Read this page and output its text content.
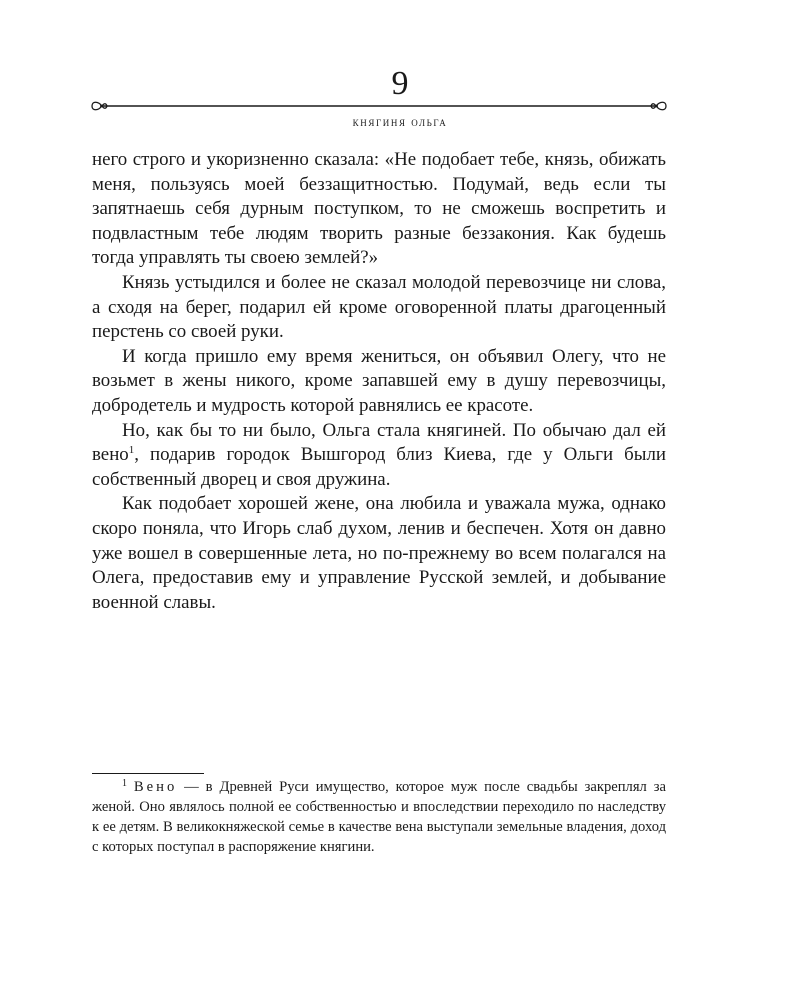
9
княгиня ольга

него строго и укоризненно сказала: «Не подобает тебе, князь, обижать меня, пользуясь моей беззащитностью. Подумай, ведь если ты запятнаешь себя дурным поступком, то не сможешь воспретить и подвластным тебе людям творить разные беззакония. Как будешь тогда управлять ты своею землей?»

Князь устыдился и более не сказал молодой перевозчице ни слова, а сходя на берег, подарил ей кроме оговоренной платы драгоценный перстень со своей руки.

И когда пришло ему время жениться, он объявил Олегу, что не возьмет в жены никого, кроме запавшей ему в душу перевозчицы, добродетель и мудрость которой равнялись ее красоте.

Но, как бы то ни было, Ольга стала княгиней. По обычаю дал ей вено$^1$, подарив городок Вышгород близ Киева, где у Ольги были собственный дворец и своя дружина.

Как подобает хорошей жене, она любила и уважала мужа, однако скоро поняла, что Игорь слаб духом, ленив и беспечен. Хотя он давно уже вошел в совершенные лета, но по-прежнему во всем полагался на Олега, предоставив ему и управление Русской землей, и добывание военной славы.

$^1$ Вено — в Древней Руси имущество, которое муж после свадьбы закреплял за женой. Оно являлось полной ее собственностью и впоследствии переходило по наследству к ее детям. В великокняжеской семье в качестве вена выступали земельные владения, доход с которых поступал в распоряжение княгини.
